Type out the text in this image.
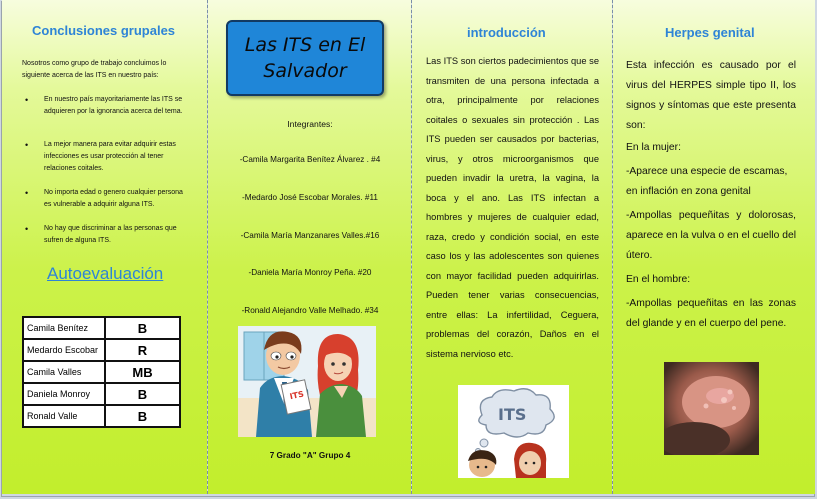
Conclusiones grupales
Nosotros como grupo de trabajo concluimos lo siguiente acerca de las ITS en nuestro país:
• En nuestro país mayoritariamente las ITS se adquieren por la ignorancia acerca del tema.
• La mejor manera para evitar adquirir estas infecciones es usar protección al tener relaciones coitales.
• No importa edad o genero cualquier persona es vulnerable a adquirir alguna ITS.
• No hay que discriminar a las personas que sufren de alguna ITS.
Autoevaluación
Camila Benítez	B
Medardo Escobar	R
Camila Valles	MB
Daniela Monroy	B
Ronald Valle	B
Las ITS en El
Salvador
Integrantes:
-Camila Margarita Benítez Álvarez . #4
-Medardo José Escobar Morales. #11
-Camila María Manzanares Valles.#16
-Daniela María Monroy Peña. #20
-Ronald Alejandro Valle Melhado. #34
ITS
7 Grado "A" Grupo 4
introducción
Las ITS son ciertos padecimientos que se transmiten de una persona infectada a otra, principalmente por relaciones coitales o sexuales sin protección . Las ITS pueden ser causados por bacterias, virus, y otros microorganismos que pueden invadir la uretra, la vagina, la boca y el ano. Las ITS infectan a hombres y mujeres de cualquier edad, raza, credo y condición social, en este caso los y las adolescentes son quienes con mayor facilidad pueden adquirirlas. Pueden tener varias consecuencias, entre ellas: La infertilidad, Ceguera, problemas del corazón, Daños en el sistema nervioso etc.
ITS
Herpes genital

Esta infección es causado por el virus del HERPES simple tipo II, los signos y síntomas que este presenta son:

En la mujer:

-Aparece una especie de escamas, en inflación en zona genital

-Ampollas pequeñitas y dolorosas, aparece en la vulva o en el cuello del útero.

En el hombre:

-Ampollas pequeñitas en las zonas del glande y en el cuerpo del pene.
